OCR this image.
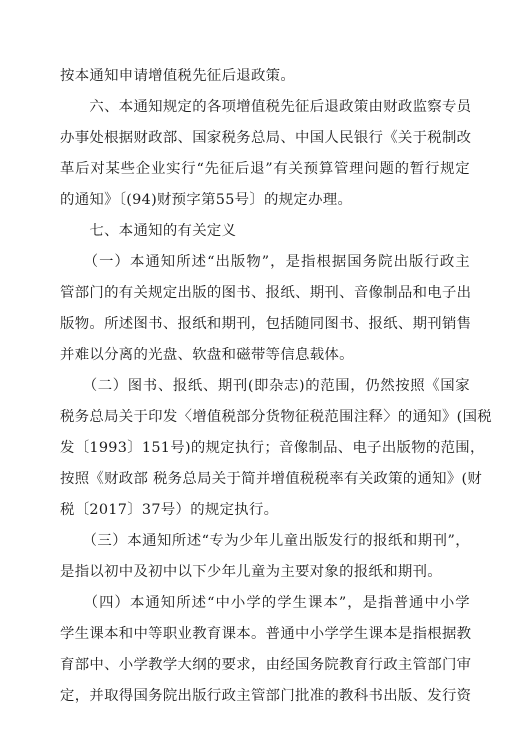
按本通知申请增值税先征后退政策。
　　六、本通知规定的各项增值税先征后退政策由财政监察专员
办事处根据财政部、国家税务总局、中国人民银行《关于税制改
革后对某些企业实行“先征后退”有关预算管理问题的暂行规定
的通知》〔(94)财预字第55号〕的规定办理。
　　七、本通知的有关定义
　　（一）本通知所述“出版物”，是指根据国务院出版行政主
管部门的有关规定出版的图书、报纸、期刊、音像制品和电子出
版物。所述图书、报纸和期刊，包括随同图书、报纸、期刊销售
并难以分离的光盘、软盘和磁带等信息载体。
　　（二）图书、报纸、期刊(即杂志)的范围，仍然按照《国家
税务总局关于印发〈增值税部分货物征税范围注释〉的通知》(国税
发〔1993〕151号)的规定执行；音像制品、电子出版物的范围，
按照《财政部 税务总局关于简并增值税税率有关政策的通知》(财
税〔2017〕37号）的规定执行。
　　（三）本通知所述“专为少年儿童出版发行的报纸和期刊”，
是指以初中及初中以下少年儿童为主要对象的报纸和期刊。
　　（四）本通知所述“中小学的学生课本”，是指普通中小学
学生课本和中等职业教育课本。普通中小学学生课本是指根据教
育部中、小学教学大纲的要求，由经国务院教育行政主管部门审
定，并取得国务院出版行政主管部门批准的教科书出版、发行资
